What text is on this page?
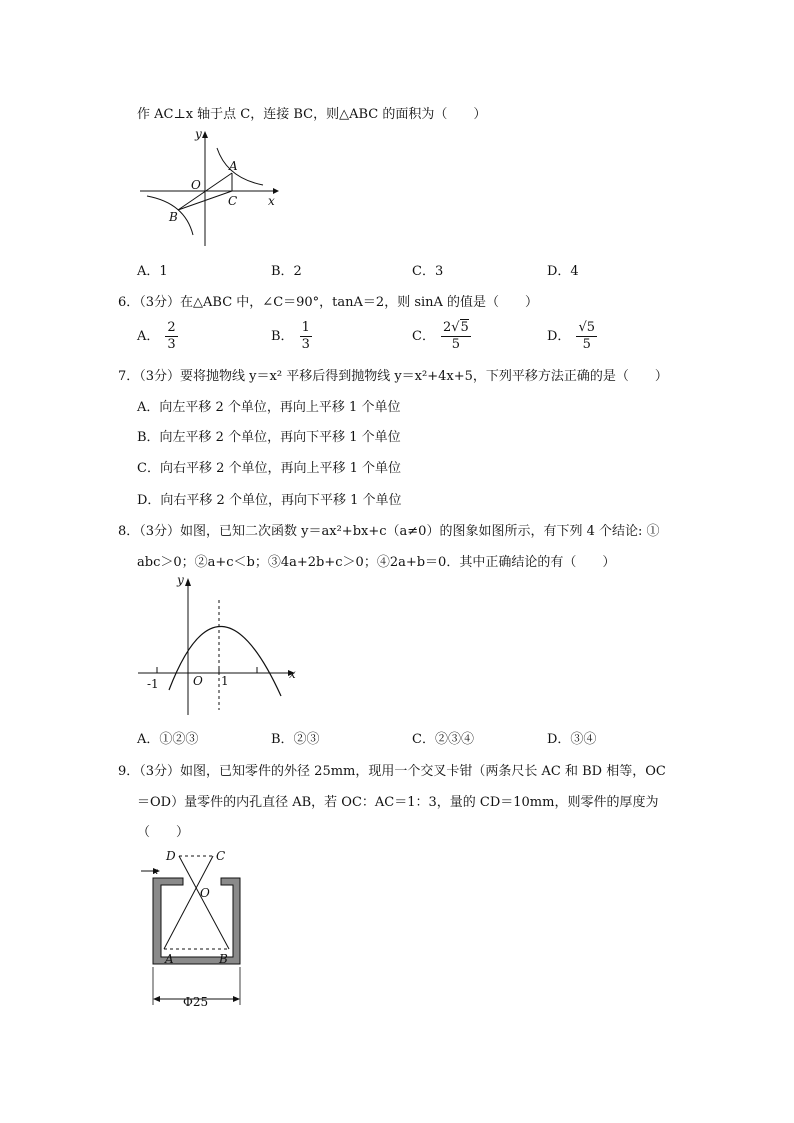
作 AC⊥x 轴于点 C，连接 BC，则△ABC 的面积为（　　）
y
x
O
A
B
C
A．1	B．2	C．3	D．4
6．（3分）在△ABC 中，∠C＝90°，tanA＝2，则 sinA 的值是（　　）
A． $\frac{2}{3}$	B． $\frac{1}{3}$	C． $\frac{2√5}{5}$	D． $\frac{√5}{5}$
7．（3分）要将抛物线 y＝x² 平移后得到抛物线 y＝x²+4x+5，下列平移方法正确的是（　　）
A．向左平移 2 个单位，再向上平移 1 个单位
B．向左平移 2 个单位，再向下平移 1 个单位
C．向右平移 2 个单位，再向上平移 1 个单位
D．向右平移 2 个单位，再向下平移 1 个单位
8．（3分）如图，已知二次函数 y＝ax²+bx+c（a≠0）的图象如图所示，有下列 4 个结论: ①
abc＞0；②a+c＜b；③4a+2b+c＞0；④2a+b＝0．其中正确结论的有（　　）
y
x
O
-1	1
A．①②③	B．②③	C．②③④	D．③④
9．（3分）如图，已知零件的外径 25mm，现用一个交叉卡钳（两条尺长 AC 和 BD 相等，OC
＝OD）量零件的内孔直径 AB，若 OC：AC＝1：3，量的 CD＝10mm，则零件的厚度为
（　　）
D	C
O
A	B
x
Φ25
